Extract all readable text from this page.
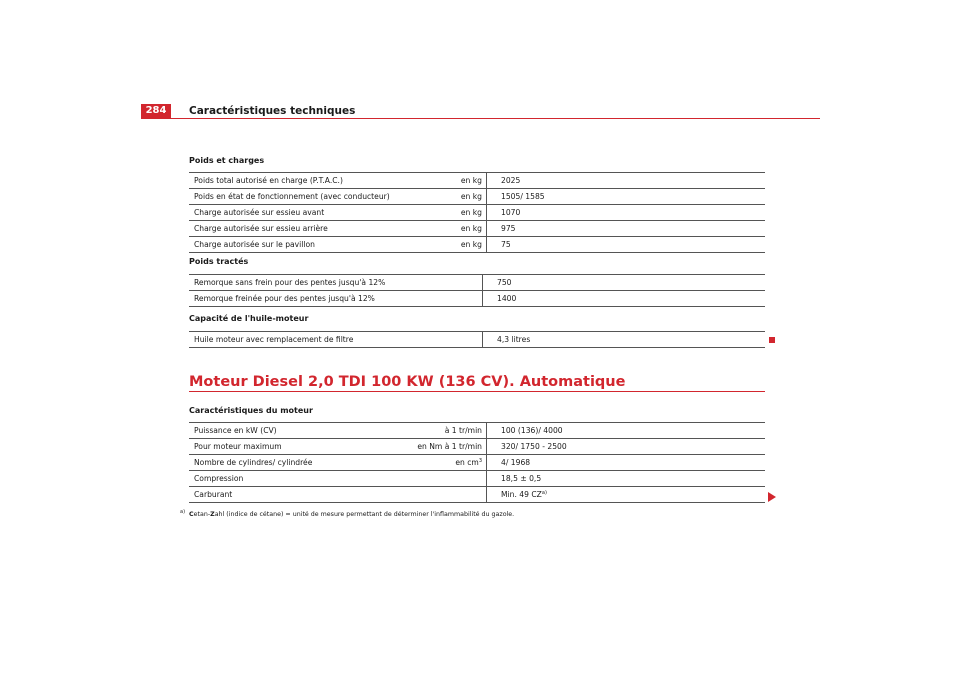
284	Caractéristiques techniques
Poids et charges
Poids total autorisé en charge (P.T.A.C.)	en kg	2025
Poids en état de fonctionnement (avec conducteur)	en kg	1505/ 1585
Charge autorisée sur essieu avant	en kg	1070
Charge autorisée sur essieu arrière	en kg	975
Charge autorisée sur le pavillon	en kg	75
Poids tractés
Remorque sans frein pour des pentes jusqu'à 12%	750
Remorque freinée pour des pentes jusqu'à 12%	1400
Capacité de l'huile-moteur
Huile moteur avec remplacement de filtre	4,3 litres
Moteur Diesel 2,0 TDI 100 KW (136 CV). Automatique
Caractéristiques du moteur
Puissance en kW (CV)	à 1 tr/min	100 (136)/ 4000
Pour moteur maximum	en Nm à 1 tr/min	320/ 1750 - 2500
Nombre de cylindres/ cylindrée	en $cm^3$	4/ 1968
Compression		18,5 ± 0,5
Carburant		Min. 49 CZ$^{a)}$
$^{a)}$ Cetan-Zahl (indice de cétane) = unité de mesure permettant de déterminer l'inflammabilité du gazole.
